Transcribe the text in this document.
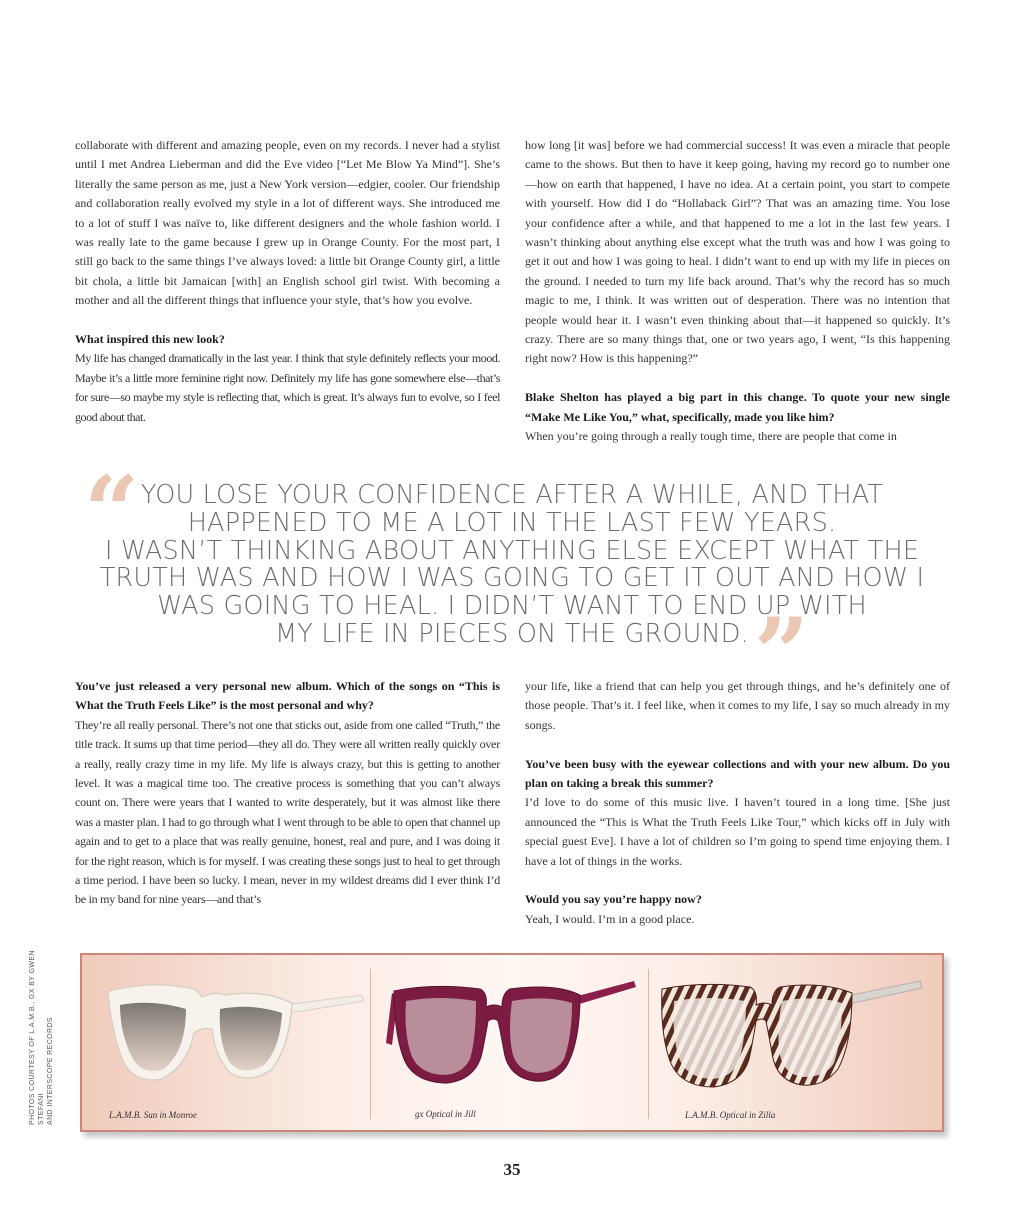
collaborate with different and amazing people, even on my records. I never had a stylist until I met Andrea Lieberman and did the Eve video [“Let Me Blow Ya Mind”]. She’s literally the same person as me, just a New York version—edgier, cooler. Our friendship and collaboration really evolved my style in a lot of different ways. She introduced me to a lot of stuff I was naïve to, like different designers and the whole fashion world. I was really late to the game because I grew up in Orange County. For the most part, I still go back to the same things I’ve always loved: a little bit Orange County girl, a little bit chola, a little bit Jamaican [with] an English school girl twist. With becoming a mother and all the different things that influence your style, that’s how you evolve.

What inspired this new look?

My life has changed dramatically in the last year. I think that style definitely reflects your mood. Maybe it’s a little more feminine right now. Definitely my life has gone somewhere else—that’s for sure—so maybe my style is reflecting that, which is great. It’s always fun to evolve, so I feel good about that.

how long [it was] before we had commercial success! It was even a miracle that people came to the shows. But then to have it keep going, having my record go to number one—how on earth that happened, I have no idea. At a certain point, you start to compete with yourself. How did I do “Hollaback Girl”? That was an amazing time. You lose your confidence after a while, and that happened to me a lot in the last few years. I wasn’t thinking about anything else except what the truth was and how I was going to get it out and how I was going to heal. I didn’t want to end up with my life in pieces on the ground. I needed to turn my life back around. That’s why the record has so much magic to me, I think. It was written out of desperation. There was no intention that people would hear it. I wasn’t even thinking about that—it happened so quickly. It’s crazy. There are so many things that, one or two years ago, I went, “Is this happening right now? How is this happening?”

Blake Shelton has played a big part in this change. To quote your new single “Make Me Like You,” what, specifically, made you like him?

When you’re going through a really tough time, there are people that come in

“ YOU LOSE YOUR CONFIDENCE AFTER A WHILE, AND THAT
HAPPENED TO ME A LOT IN THE LAST FEW YEARS.
I WASN’T THINKING ABOUT ANYTHING ELSE EXCEPT WHAT THE
TRUTH WAS AND HOW I WAS GOING TO GET IT OUT AND HOW I
WAS GOING TO HEAL. I DIDN’T WANT TO END UP WITH
MY LIFE IN PIECES ON THE GROUND. ”

You’ve just released a very personal new album. Which of the songs on “This is What the Truth Feels Like” is the most personal and why?

They’re all really personal. There’s not one that sticks out, aside from one called “Truth,” the title track. It sums up that time period—they all do. They were all written really quickly over a really, really crazy time in my life. My life is always crazy, but this is getting to another level. It was a magical time too. The creative process is something that you can’t always count on. There were years that I wanted to write desperately, but it was almost like there was a master plan. I had to go through what I went through to be able to open that channel up again and to get to a place that was really genuine, honest, real and pure, and I was doing it for the right reason, which is for myself. I was creating these songs just to heal to get through a time period. I have been so lucky. I mean, never in my wildest dreams did I ever think I’d be in my band for nine years—and that’s

your life, like a friend that can help you get through things, and he’s definitely one of those people. That’s it. I feel like, when it comes to my life, I say so much already in my songs.

You’ve been busy with the eyewear collections and with your new album. Do you plan on taking a break this summer?

I’d love to do some of this music live. I haven’t toured in a long time. [She just announced the “This is What the Truth Feels Like Tour,” which kicks off in July with special guest Eve]. I have a lot of children so I’m going to spend time enjoying them. I have a lot of things in the works.

Would you say you’re happy now?

Yeah, I would. I’m in a good place.

PHOTOS COURTESY OF L.A.M.B., GX BY GWEN STEFANI AND INTERSCOPE RECORDS	L.A.M.B. Sun in Monroe	gx Optical in Jill	L.A.M.B. Optical in Zilla
35
